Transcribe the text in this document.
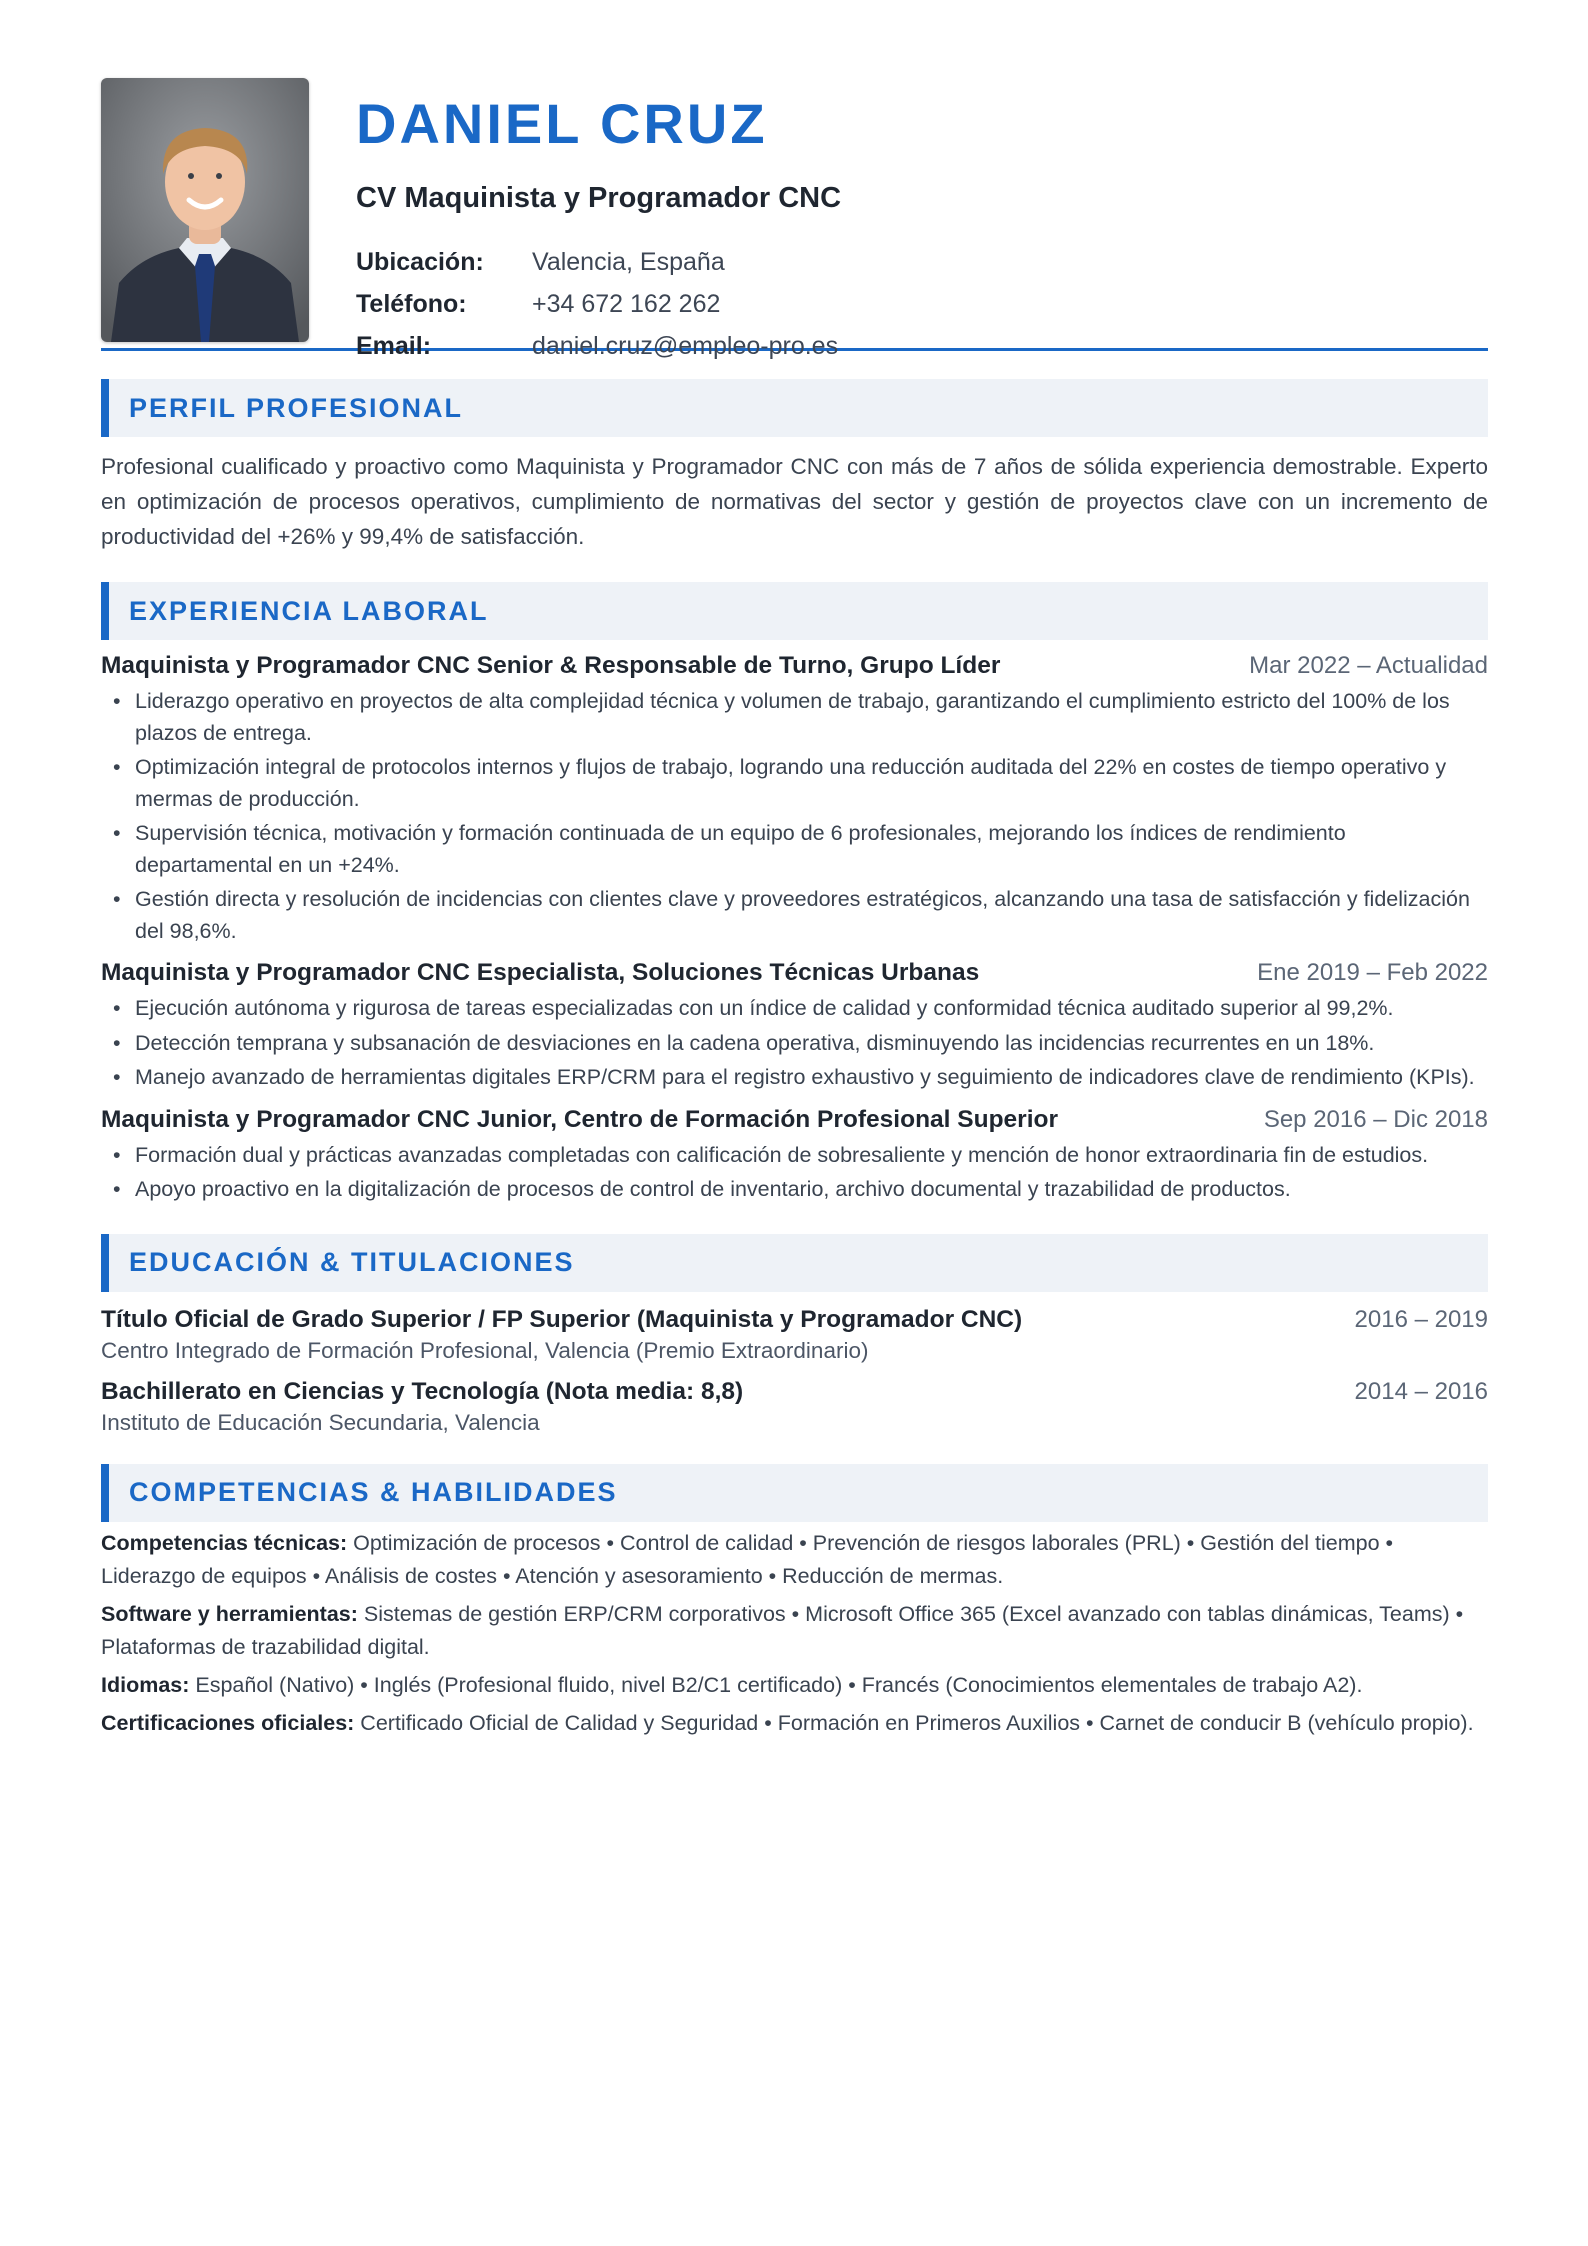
DANIEL CRUZ
CV Maquinista y Programador CNC
Ubicación:	Valencia, España
Teléfono:	+34 672 162 262
Email:	daniel.cruz@empleo-pro.es
PERFIL PROFESIONAL
Profesional cualificado y proactivo como Maquinista y Programador CNC con más de 7 años de sólida experiencia demostrable. Experto en optimización de procesos operativos, cumplimiento de normativas del sector y gestión de proyectos clave con un incremento de productividad del +26% y 99,4% de satisfacción.
EXPERIENCIA LABORAL
Maquinista y Programador CNC Senior & Responsable de Turno, Grupo Líder	Mar 2022 – Actualidad
• Liderazgo operativo en proyectos de alta complejidad técnica y volumen de trabajo, garantizando el cumplimiento estricto del 100% de los plazos de entrega.
• Optimización integral de protocolos internos y flujos de trabajo, logrando una reducción auditada del 22% en costes de tiempo operativo y mermas de producción.
• Supervisión técnica, motivación y formación continuada de un equipo de 6 profesionales, mejorando los índices de rendimiento departamental en un +24%.
• Gestión directa y resolución de incidencias con clientes clave y proveedores estratégicos, alcanzando una tasa de satisfacción y fidelización del 98,6%.
Maquinista y Programador CNC Especialista, Soluciones Técnicas Urbanas	Ene 2019 – Feb 2022
• Ejecución autónoma y rigurosa de tareas especializadas con un índice de calidad y conformidad técnica auditado superior al 99,2%.
• Detección temprana y subsanación de desviaciones en la cadena operativa, disminuyendo las incidencias recurrentes en un 18%.
• Manejo avanzado de herramientas digitales ERP/CRM para el registro exhaustivo y seguimiento de indicadores clave de rendimiento (KPIs).
Maquinista y Programador CNC Junior, Centro de Formación Profesional Superior	Sep 2016 – Dic 2018
• Formación dual y prácticas avanzadas completadas con calificación de sobresaliente y mención de honor extraordinaria fin de estudios.
• Apoyo proactivo en la digitalización de procesos de control de inventario, archivo documental y trazabilidad de productos.
EDUCACIÓN & TITULACIONES
Título Oficial de Grado Superior / FP Superior (Maquinista y Programador CNC)	2016 – 2019
Centro Integrado de Formación Profesional, Valencia (Premio Extraordinario)
Bachillerato en Ciencias y Tecnología (Nota media: 8,8)	2014 – 2016
Instituto de Educación Secundaria, Valencia
COMPETENCIAS & HABILIDADES
Competencias técnicas: Optimización de procesos • Control de calidad • Prevención de riesgos laborales (PRL) • Gestión del tiempo • Liderazgo de equipos • Análisis de costes • Atención y asesoramiento • Reducción de mermas.
Software y herramientas: Sistemas de gestión ERP/CRM corporativos • Microsoft Office 365 (Excel avanzado con tablas dinámicas, Teams) • Plataformas de trazabilidad digital.
Idiomas: Español (Nativo) • Inglés (Profesional fluido, nivel B2/C1 certificado) • Francés (Conocimientos elementales de trabajo A2).
Certificaciones oficiales: Certificado Oficial de Calidad y Seguridad • Formación en Primeros Auxilios • Carnet de conducir B (vehículo propio).
